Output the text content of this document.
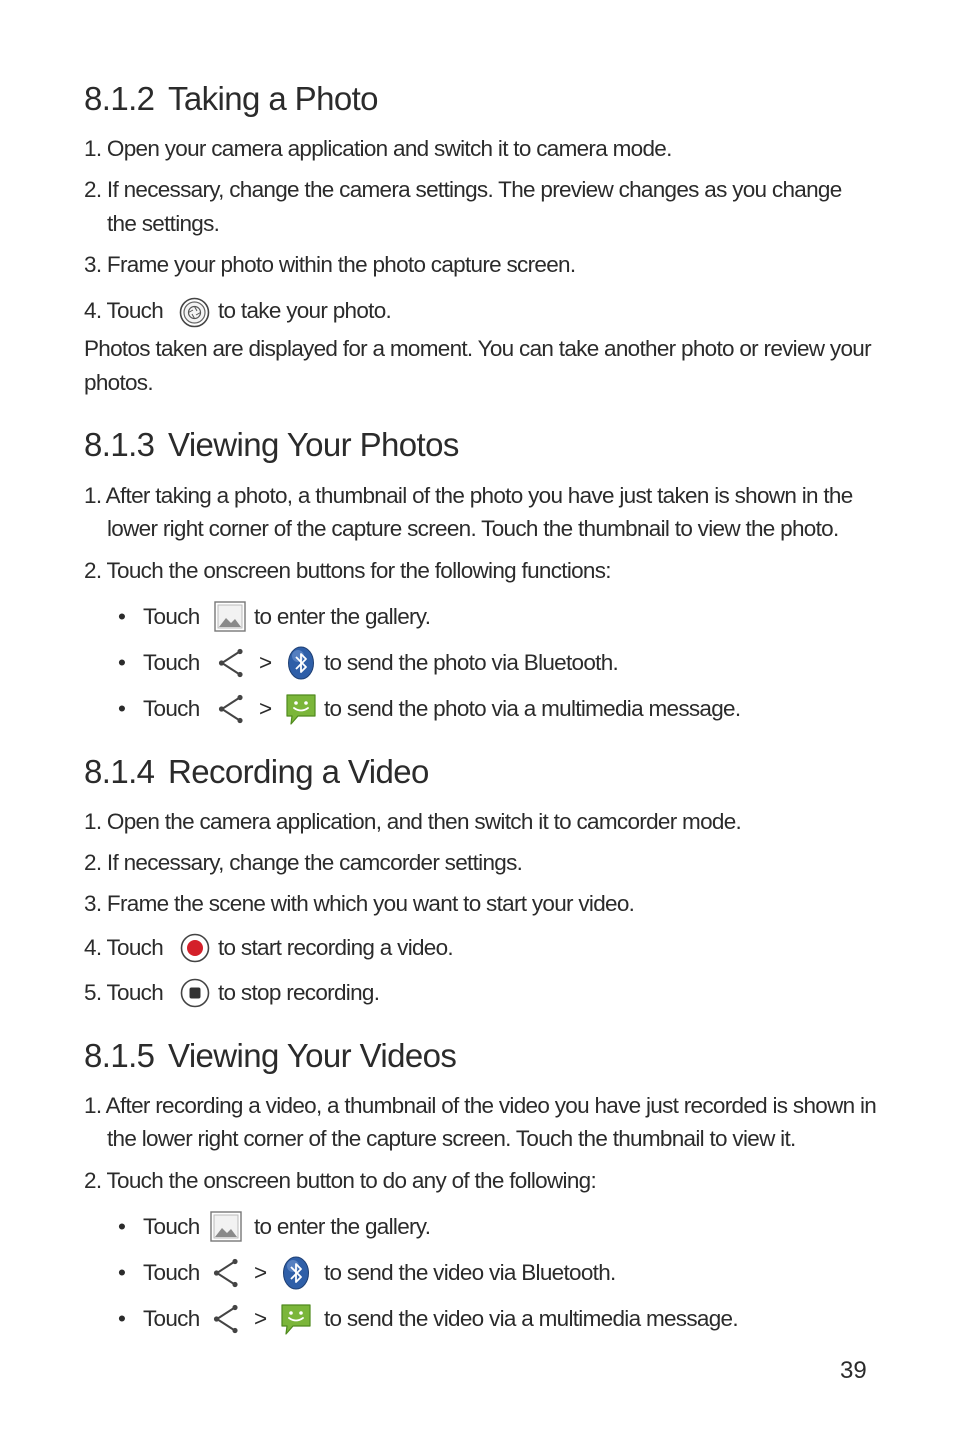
8.1.2 Taking a Photo
1. Open your camera application and switch it to camera mode.
2. If necessary, change the camera settings. The preview changes as you change
the settings.
3. Frame your photo within the photo capture screen.
4. Touch to take your photo.
Photos taken are displayed for a moment. You can take another photo or review your
photos.
8.1.3 Viewing Your Photos
1. After taking a photo, a thumbnail of the photo you have just taken is shown in the
lower right corner of the capture screen. Touch the thumbnail to view the photo.
2. Touch the onscreen buttons for the following functions:
• Touch to enter the gallery.
• Touch	> to send the photo via Bluetooth.
• Touch	> to send the photo via a multimedia message.
8.1.4 Recording a Video
1. Open the camera application, and then switch it to camcorder mode.
2. If necessary, change the camcorder settings.
3. Frame the scene with which you want to start your video.
4. Touch to start recording a video.
5. Touch to stop recording.
8.1.5 Viewing Your Videos
1. After recording a video, a thumbnail of the video you have just recorded is shown in
the lower right corner of the capture screen. Touch the thumbnail to view it.
2. Touch the onscreen button to do any of the following:
• Touch to enter the gallery.
• Touch >	to send the video via Bluetooth.
• Touch >	to send the video via a multimedia message.
39
